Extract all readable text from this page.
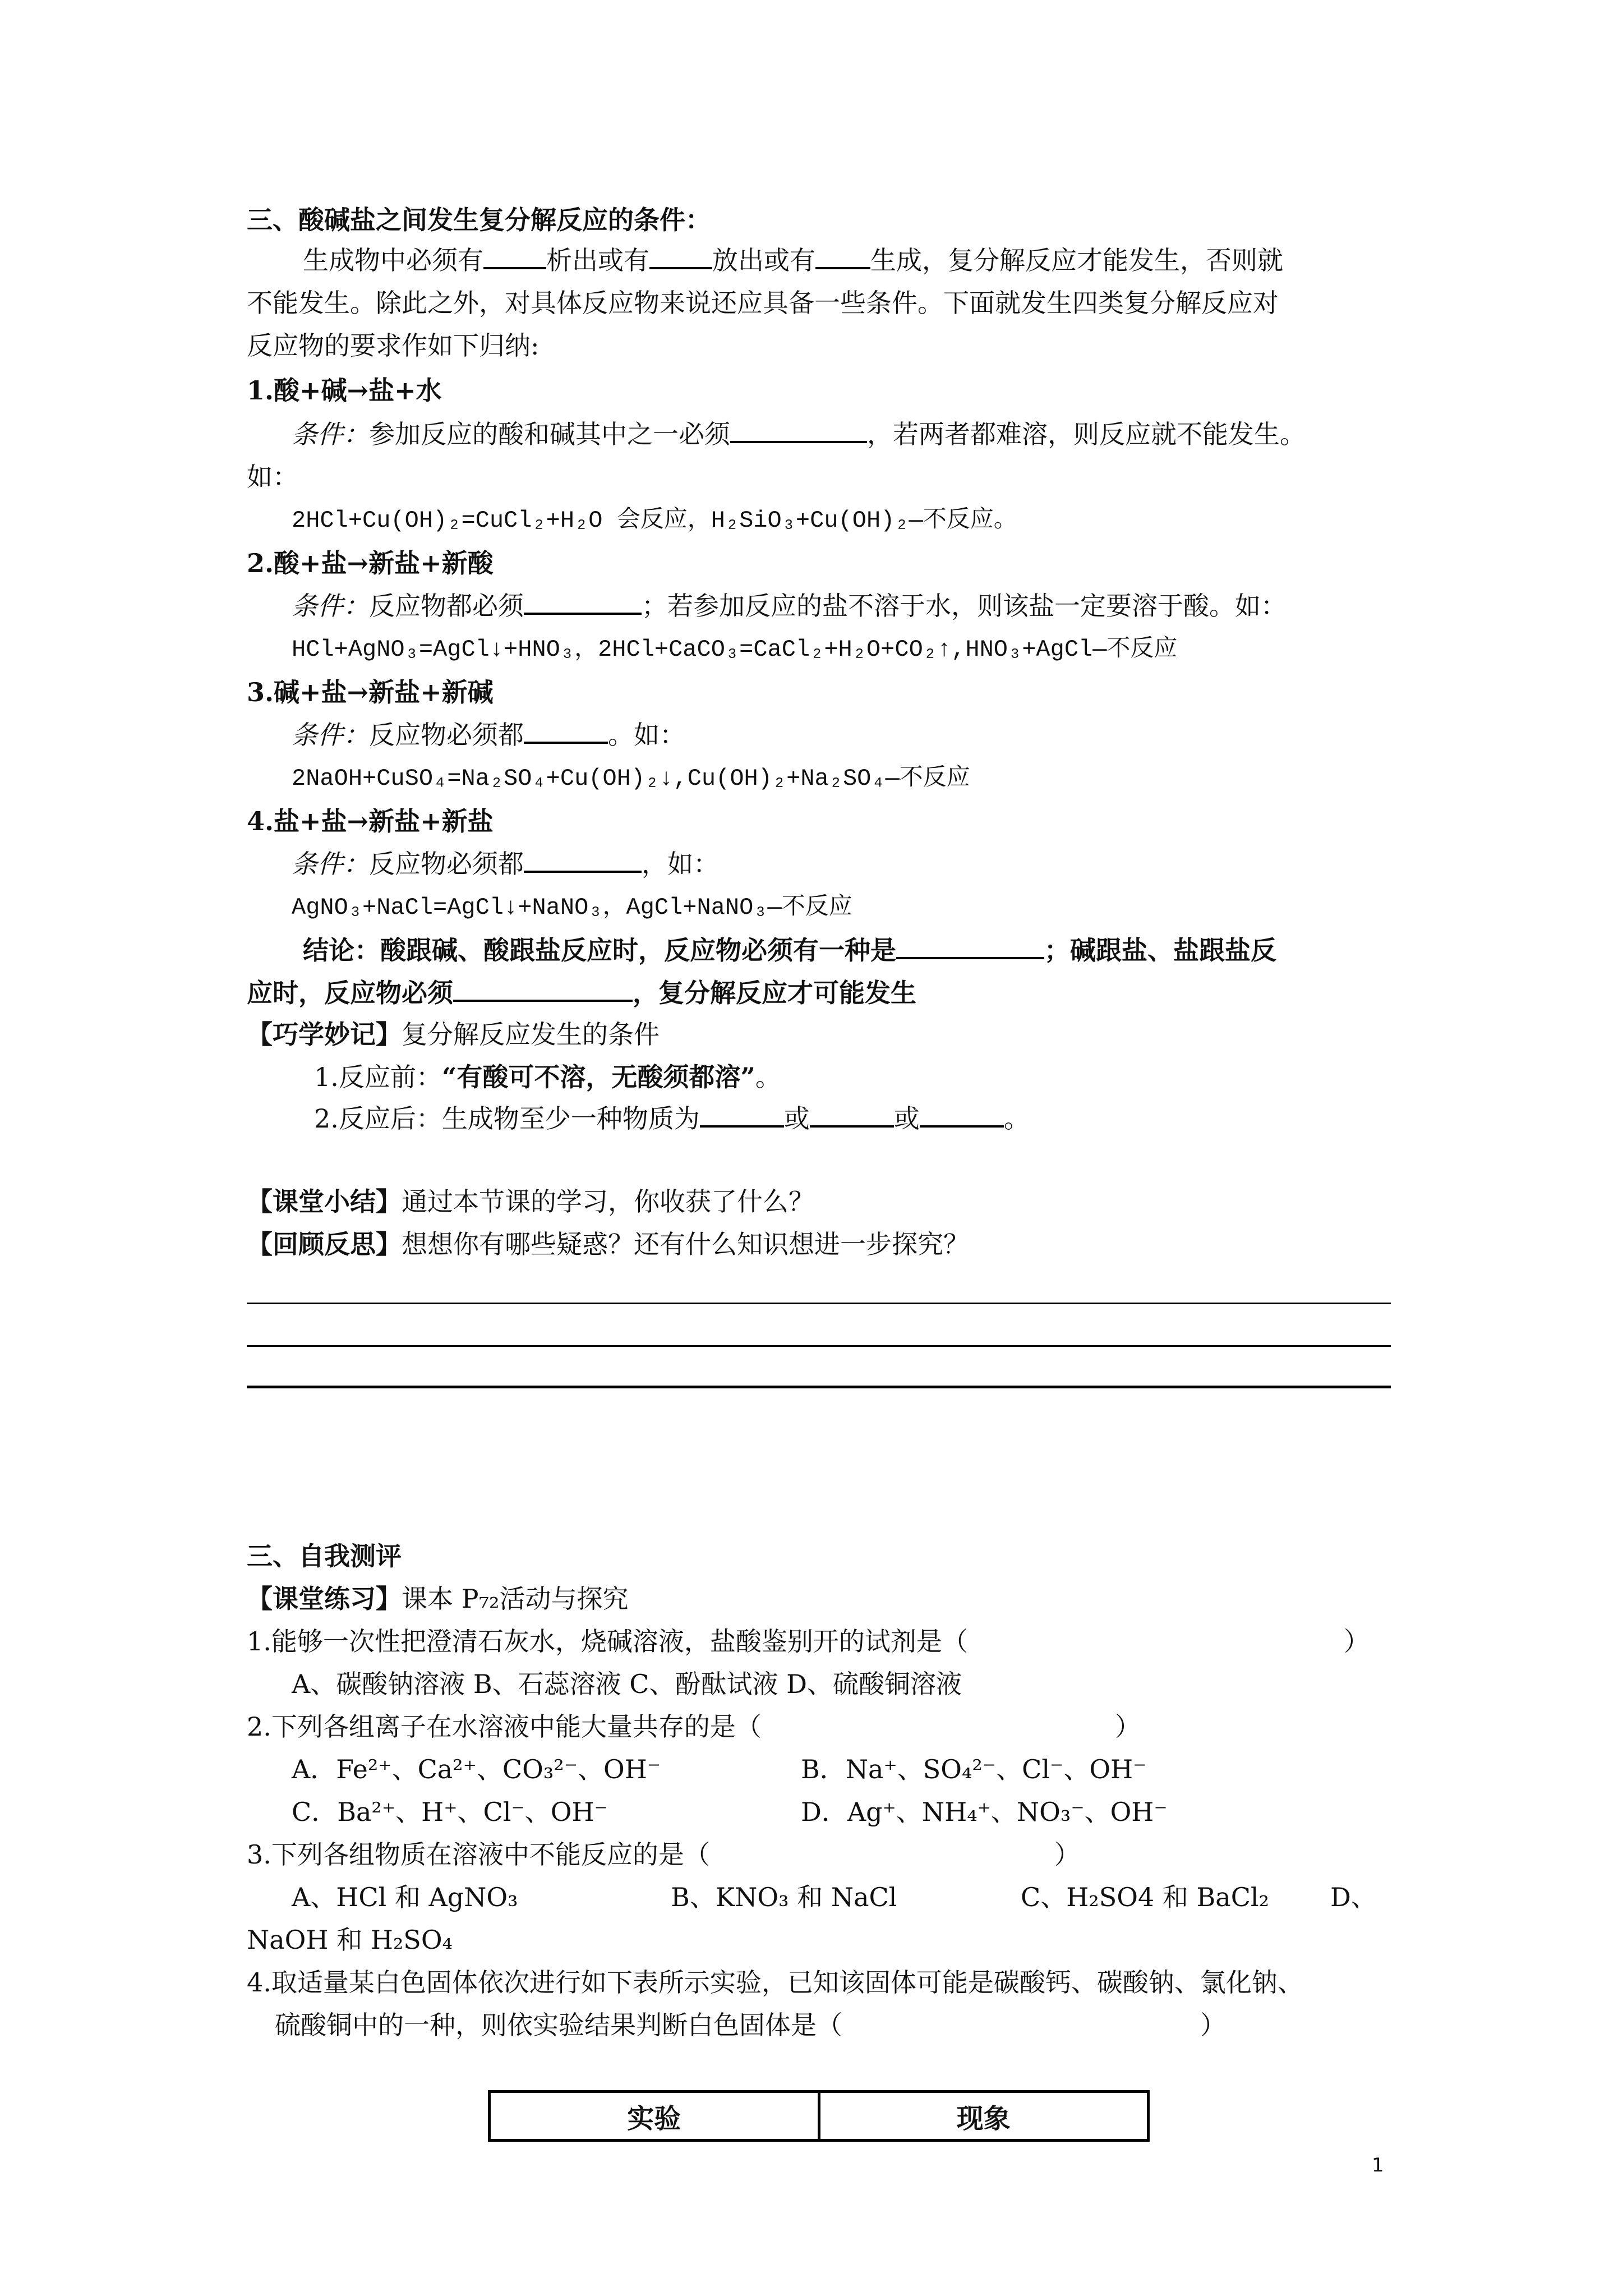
三、酸碱盐之间发生复分解反应的条件：
生成物中必须有 析出或有 放出或有 生成，复分解反应才能发生，否则就
不能发生。除此之外，对具体反应物来说还应具备一些条件。下面就发生四类复分解反应对
反应物的要求作如下归纳:
1.酸+碱→盐+水
条件：参加反应的酸和碱其中之一必须	，若两者都难溶，则反应就不能发生。
如：
2HCl+Cu(OH)₂=CuCl₂+H₂O 会反应，H₂SiO₃+Cu(OH)₂—不反应。
2.酸+盐→新盐+新酸
条件：反应物都必须	；若参加反应的盐不溶于水，则该盐一定要溶于酸。如：
HCl+AgNO₃=AgCl↓+HNO₃，2HCl+CaCO₃=CaCl₂+H₂O+CO₂↑,HNO₃+AgCl—不反应
3.碱+盐→新盐+新碱
条件：反应物必须都	。如：
2NaOH+CuSO₄=Na₂SO₄+Cu(OH)₂↓,Cu(OH)₂+Na₂SO₄—不反应
4.盐+盐→新盐+新盐
条件：反应物必须都	，如：
AgNO₃+NaCl=AgCl↓+NaNO₃，AgCl+NaNO₃—不反应
结论：酸跟碱、酸跟盐反应时，反应物必须有一种是	；碱跟盐、盐跟盐反
应时，反应物必须	，复分解反应才可能发生
【巧学妙记】复分解反应发生的条件
1.反应前：“有酸可不溶，无酸须都溶”。
2.反应后：生成物至少一种物质为	或	或	。
【课堂小结】通过本节课的学习，你收获了什么？
【回顾反思】想想你有哪些疑惑？还有什么知识想进一步探究？
三、自我测评
【课堂练习】课本 P₇₂活动与探究
1.能够一次性把澄清石灰水，烧碱溶液，盐酸鉴别开的试剂是（	）
A、碳酸钠溶液 B、石蕊溶液 C、酚酞试液 D、硫酸铜溶液
2.下列各组离子在水溶液中能大量共存的是（	）
A．Fe²⁺、Ca²⁺、CO₃²⁻、OH⁻	B．Na⁺、SO₄²⁻、Cl⁻、OH⁻
C．Ba²⁺、H⁺、Cl⁻、OH⁻	D．Ag⁺、NH₄⁺、NO₃⁻、OH⁻
3.下列各组物质在溶液中不能反应的是（	）
A、HCl 和 AgNO₃	B、KNO₃ 和 NaCl	C、H₂SO4 和 BaCl₂ D、
NaOH 和 H₂SO₄
4.取适量某白色固体依次进行如下表所示实验，已知该固体可能是碳酸钙、碳酸钠、氯化钠、
硫酸铜中的一种，则依实验结果判断白色固体是（	）
实验	现象
1
